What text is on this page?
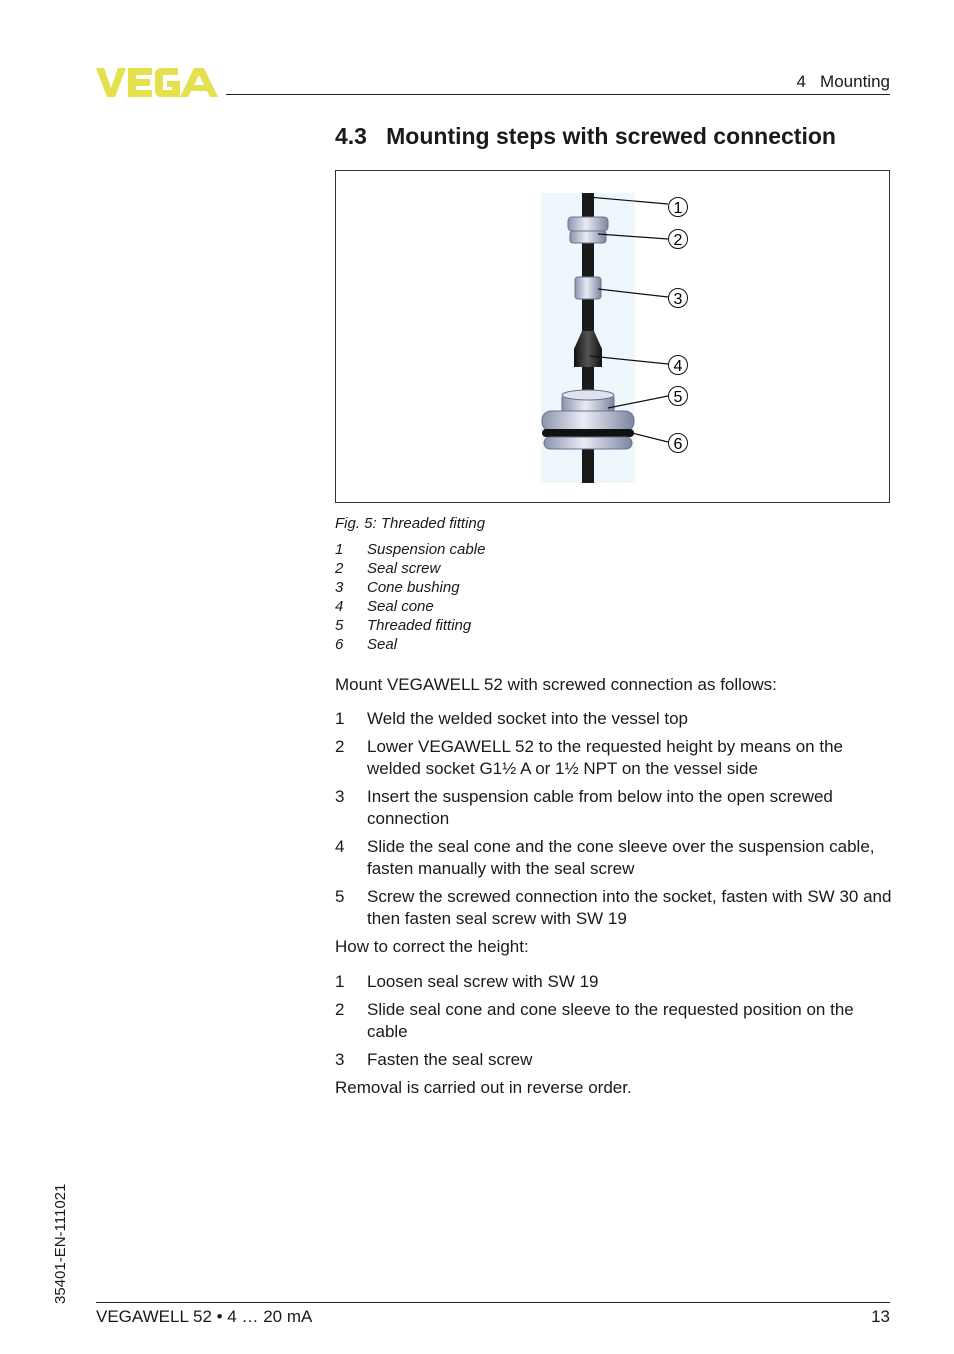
4   Mounting
4.3   Mounting steps with screwed connection
1
2
3
4
5
6
Fig. 5: Threaded fitting
1	Suspension cable
2	Seal screw
3	Cone bushing
4	Seal cone
5	Threaded fitting
6	Seal
Mount VEGAWELL 52 with screwed connection as follows:
1	Weld the welded socket into the vessel top
2	Lower VEGAWELL 52 to the requested height by means on the welded socket G1½ A or 1½ NPT on the vessel side
3	Insert the suspension cable from below into the open screwed connection
4	Slide the seal cone and the cone sleeve over the suspension cable, fasten manually with the seal screw
5	Screw the screwed connection into the socket, fasten with SW 30 and then fasten seal screw with SW 19
How to correct the height:
1	Loosen seal screw with SW 19
2	Slide seal cone and cone sleeve to the requested position on the cable
3	Fasten the seal screw
Removal is carried out in reverse order.
35401-EN-111021
VEGAWELL 52 • 4 … 20 mA	13
